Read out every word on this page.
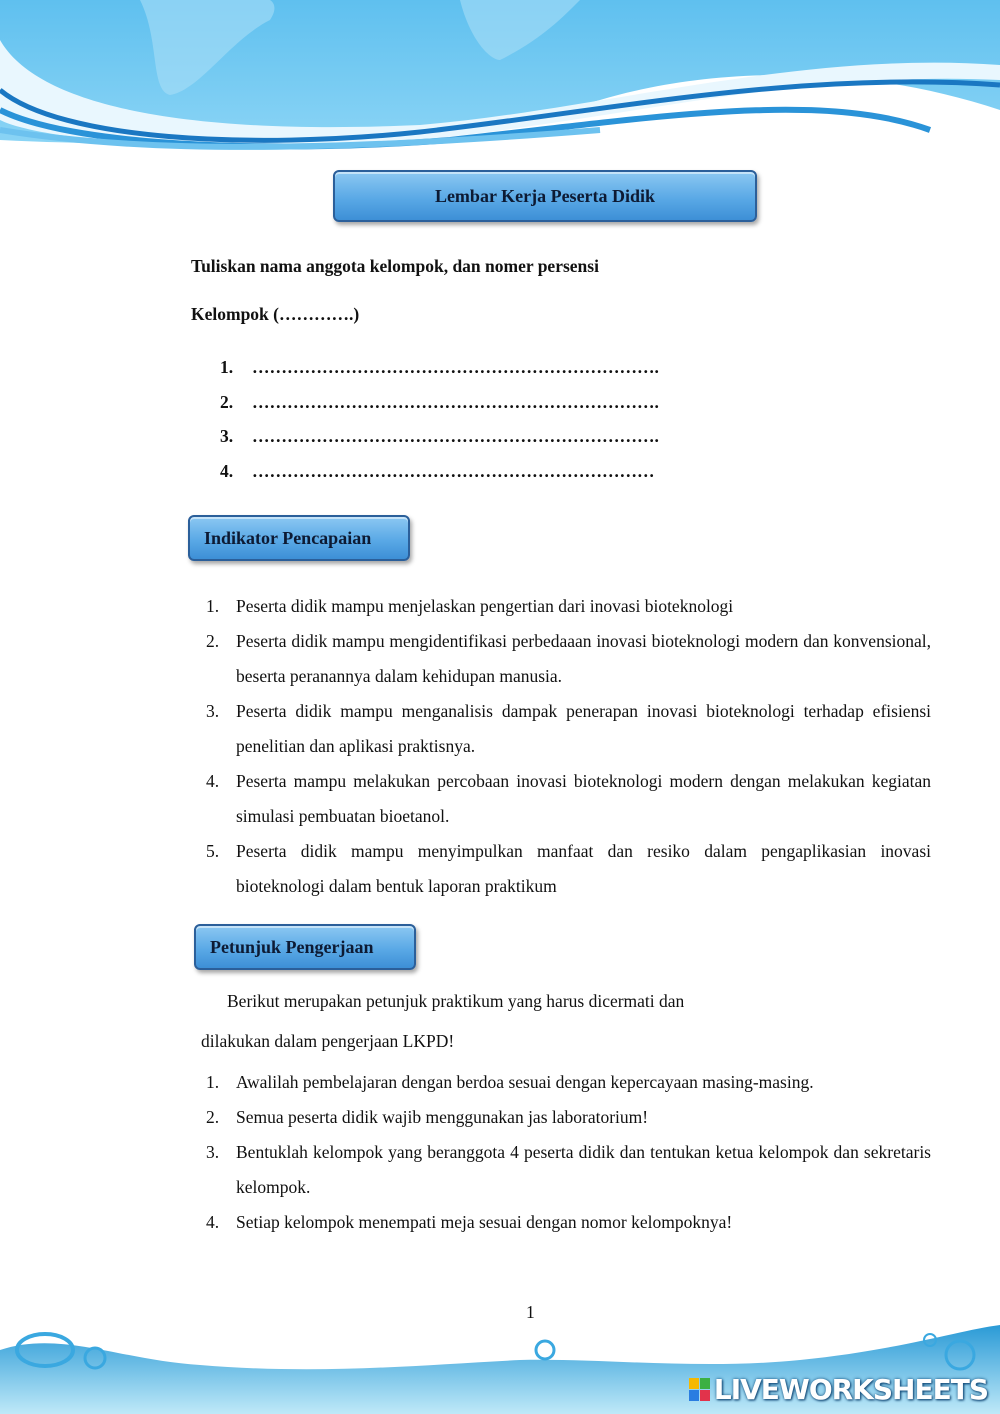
Lembar Kerja Peserta Didik
Tuliskan nama anggota kelompok, dan nomer persensi
Kelompok (………….)
1.	…………………………………………………………….
2.	…………………………………………………………….
3.	…………………………………………………………….
4.	……………………………………………………………
Indikator Pencapaian
1. Peserta didik mampu menjelaskan pengertian dari inovasi bioteknologi
2. Peserta didik mampu mengidentifikasi perbedaaan inovasi bioteknologi modern dan konvensional, beserta peranannya dalam kehidupan manusia.
3. Peserta didik mampu menganalisis dampak penerapan inovasi bioteknologi terhadap efisiensi penelitian dan aplikasi praktisnya.
4. Peserta mampu melakukan percobaan inovasi bioteknologi modern dengan melakukan kegiatan simulasi pembuatan bioetanol.
5. Peserta didik mampu menyimpulkan manfaat dan resiko dalam pengaplikasian inovasi bioteknologi dalam bentuk laporan praktikum
Petunjuk Pengerjaan
Berikut merupakan petunjuk praktikum yang harus dicermati dan
dilakukan dalam pengerjaan LKPD!
1. Awalilah pembelajaran dengan berdoa sesuai dengan kepercayaan masing-masing.
2. Semua peserta didik wajib menggunakan jas laboratorium!
3. Bentuklah kelompok yang beranggota 4 peserta didik dan tentukan ketua kelompok dan sekretaris kelompok.
4. Setiap kelompok menempati meja sesuai dengan nomor kelompoknya!
1
LIVEWORKSHEETS
